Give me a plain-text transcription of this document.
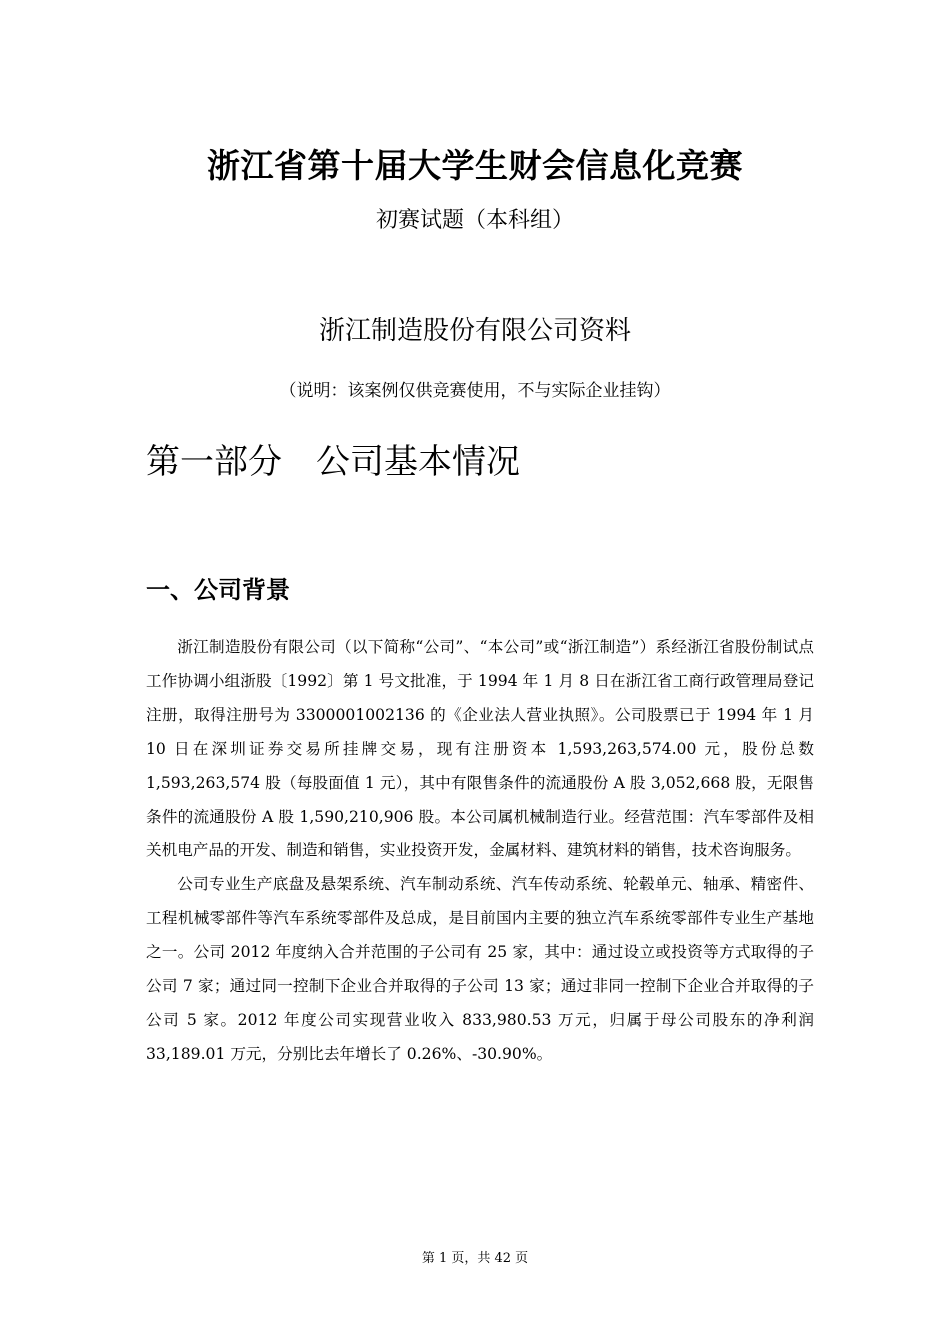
浙江省第十届大学生财会信息化竞赛
初赛试题（本科组）
浙江制造股份有限公司资料
（说明：该案例仅供竞赛使用，不与实际企业挂钩）
第一部分　公司基本情况
一、公司背景

浙江制造股份有限公司（以下简称“公司”、“本公司”或“浙江制造”）系经浙江省股份制试点工作协调小组浙股〔1992〕第 1 号文批准，于 1994 年 1 月 8 日在浙江省工商行政管理局登记注册，取得注册号为 3300001002136 的《企业法人营业执照》。公司股票已于 1994 年 1 月 10 日在深圳证券交易所挂牌交易，现有注册资本 1,593,263,574.00 元，股份总数 1,593,263,574 股（每股面值 1 元），其中有限售条件的流通股份 A 股 3,052,668 股，无限售条件的流通股份 A 股 1,590,210,906 股。本公司属机械制造行业。经营范围：汽车零部件及相关机电产品的开发、制造和销售，实业投资开发，金属材料、建筑材料的销售，技术咨询服务。

公司专业生产底盘及悬架系统、汽车制动系统、汽车传动系统、轮毂单元、轴承、精密件、工程机械零部件等汽车系统零部件及总成，是目前国内主要的独立汽车系统零部件专业生产基地之一。公司 2012 年度纳入合并范围的子公司有 25 家，其中：通过设立或投资等方式取得的子公司 7 家；通过同一控制下企业合并取得的子公司 13 家；通过非同一控制下企业合并取得的子公司 5 家。2012 年度公司实现营业收入 833,980.53 万元，归属于母公司股东的净利润 33,189.01 万元，分别比去年增长了 0.26%、-30.90%。

第 1 页，共 42 页
